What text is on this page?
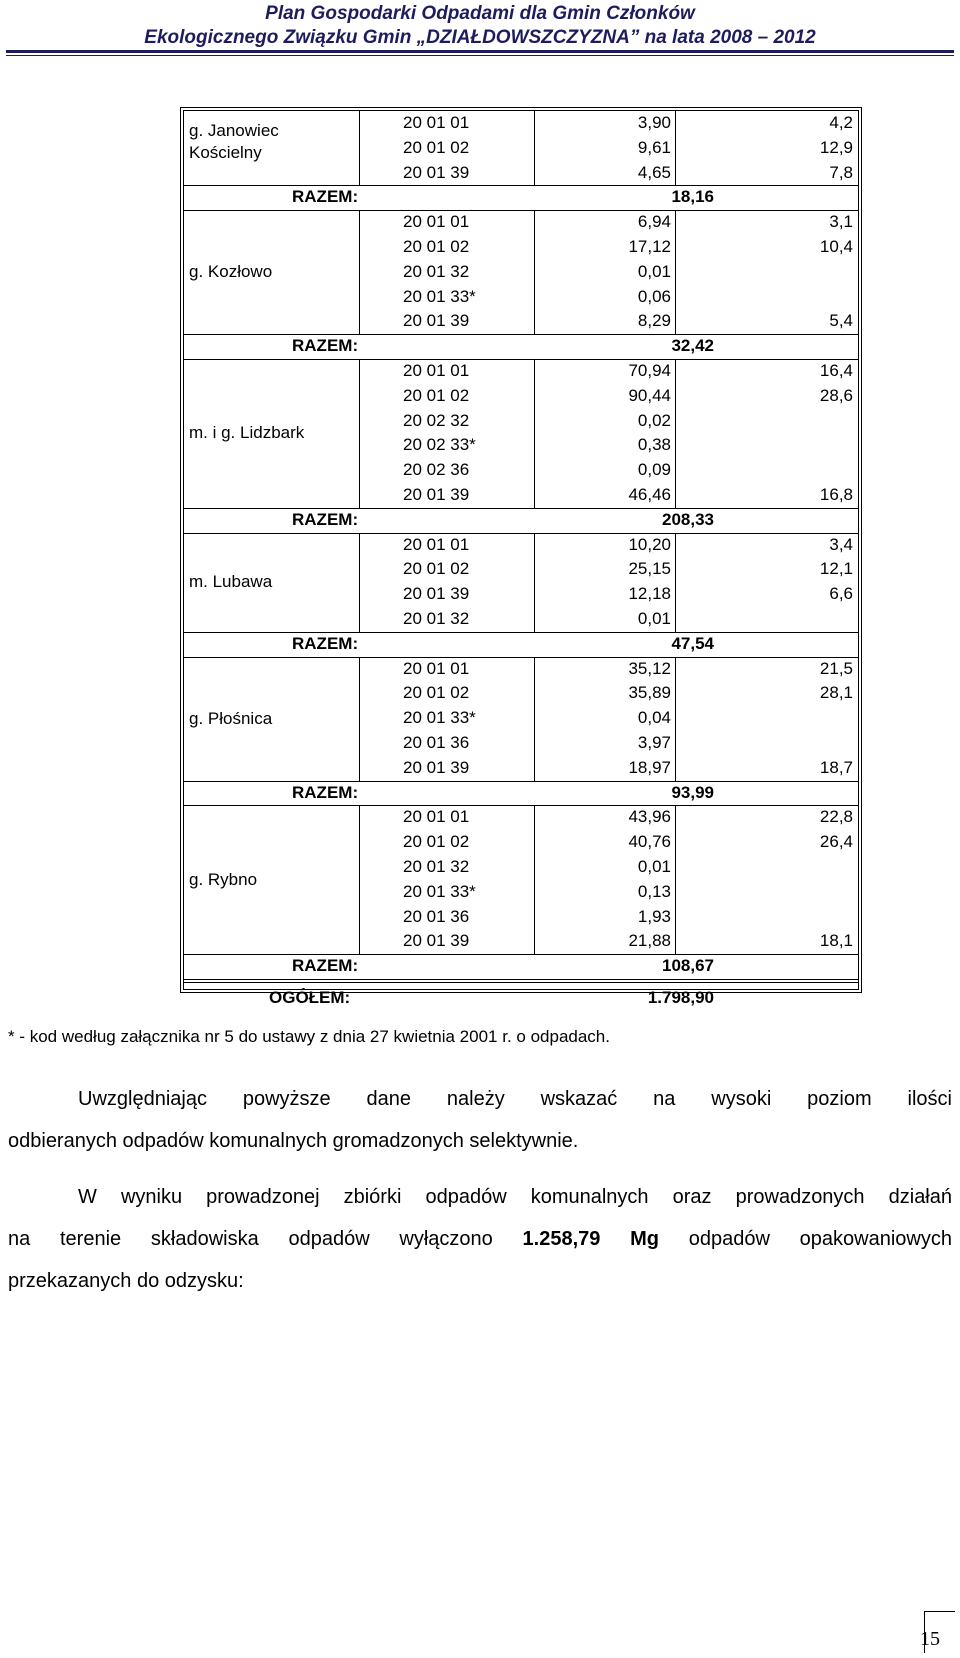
Plan Gospodarki Odpadami dla Gmin Członków
Ekologicznego Związku Gmin „DZIAŁDOWSZCZYZNA” na lata 2008 – 2012
g. Janowiec
Kościelny
20 01 01	3,90	4,2
20 01 02	9,61	12,9
20 01 39	4,65	7,8
RAZEM:	18,16
g. Kozłowo
20 01 01	6,94	3,1
20 01 02	17,12	10,4
20 01 32	0,01
20 01 33*	0,06
20 01 39	8,29	5,4
RAZEM:	32,42
m. i g. Lidzbark
20 01 01	70,94	16,4
20 01 02	90,44	28,6
20 02 32	0,02
20 02 33*	0,38
20 02 36	0,09
20 01 39	46,46	16,8
RAZEM:	208,33
m. Lubawa
20 01 01	10,20	3,4
20 01 02	25,15	12,1
20 01 39	12,18	6,6
20 01 32	0,01
RAZEM:	47,54
g. Płośnica
20 01 01	35,12	21,5
20 01 02	35,89	28,1
20 01 33*	0,04
20 01 36	3,97
20 01 39	18,97	18,7
RAZEM:	93,99
g. Rybno
20 01 01	43,96	22,8
20 01 02	40,76	26,4
20 01 32	0,01
20 01 33*	0,13
20 01 36	1,93
20 01 39	21,88	18,1
RAZEM:	108,67
OGÓŁEM:	1.798,90
* - kod według załącznika nr 5 do ustawy z dnia 27 kwietnia 2001 r. o odpadach.
Uwzględniając powyższe dane należy wskazać na wysoki poziom ilości
odbieranych odpadów komunalnych gromadzonych selektywnie.
W wyniku prowadzonej zbiórki odpadów komunalnych oraz prowadzonych działań
na terenie składowiska odpadów wyłączono 1.258,79 Mg odpadów opakowaniowych
przekazanych do odzysku:
15
